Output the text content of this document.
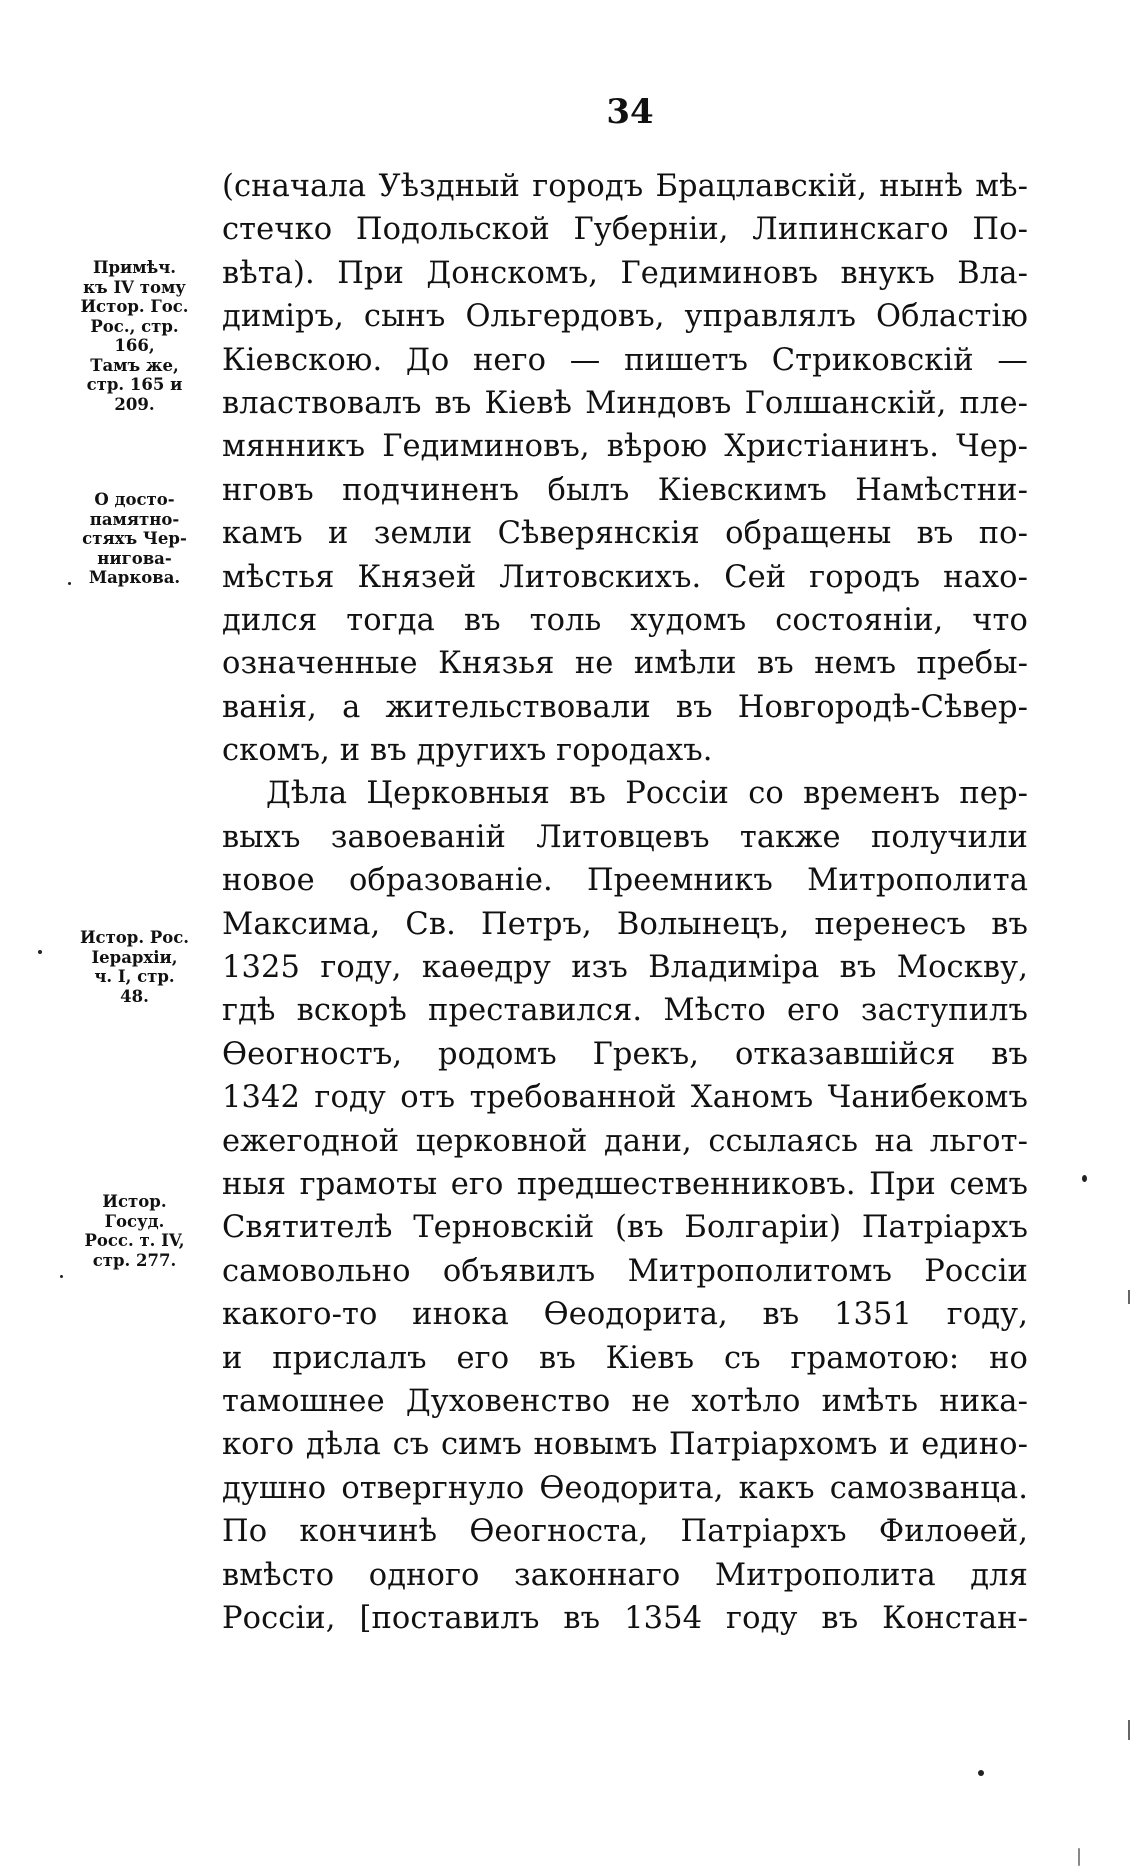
34
(сначала Уѣздный городъ Брацлавскій, нынѣ мѣ-
стечко Подольской Губерніи, Липинскаго По-
вѣта). При Донскомъ, Гедиминовъ внукъ Вла-
диміръ, сынъ Ольгердовъ, управлялъ Областію
Кіевскою. До него — пишетъ Стриковскій —
властвовалъ въ Кіевѣ Миндовъ Голшанскій, пле-
мянникъ Гедиминовъ, вѣрою Христіанинъ. Чер-
нговъ подчиненъ былъ Кіевскимъ Намѣстни-
камъ и земли Сѣверянскія обращены въ по-
мѣстья Князей Литовскихъ. Сей городъ нахо-
дился тогда въ толь худомъ состояніи, что
означенные Князья не имѣли въ немъ пребы-
ванія, а жительствовали въ Новгородѣ-Сѣвер-
скомъ, и въ другихъ городахъ.
Дѣла Церковныя въ Россіи со временъ пер-
выхъ завоеваній Литовцевъ также получили
новое образованіе. Преемникъ Митрополита
Максима, Св. Петръ, Волынецъ, перенесъ въ
1325 году, каѳедру изъ Владиміра въ Москву,
гдѣ вскорѣ преставился. Мѣсто его заступилъ
Ѳеогностъ, родомъ Грекъ, отказавшійся въ
1342 году отъ требованной Ханомъ Чанибекомъ
ежегодной церковной дани, ссылаясь на льгот-
ныя грамоты его предшественниковъ. При семъ
Святителѣ Терновскій (въ Болгаріи) Патріархъ
самовольно объявилъ Митрополитомъ Россіи
какого-то инока Ѳеодорита, въ 1351 году,
и прислалъ его въ Кіевъ съ грамотою: но
тамошнее Духовенство не хотѣло имѣть ника-
кого дѣла съ симъ новымъ Патріархомъ и едино-
душно отвергнуло Ѳеодорита, какъ самозванца.
По кончинѣ Ѳеогноста, Патріархъ Филоѳей,
вмѣсто одного законнаго Митрополита для
Россіи, [поставилъ въ 1354 году въ Констан-
Примѣч.
къ IV тому
Истор. Гос.
Рос., стр.
166,
Тамъ же,
стр. 165 и
209.
О досто-
памятно-
стяхъ Чер-
нигова-
Маркова.
Истор. Рос.
Іерархіи,
ч. I, стр.
48.
Истор.
Госуд.
Росс. т. IV,
стр. 277.
